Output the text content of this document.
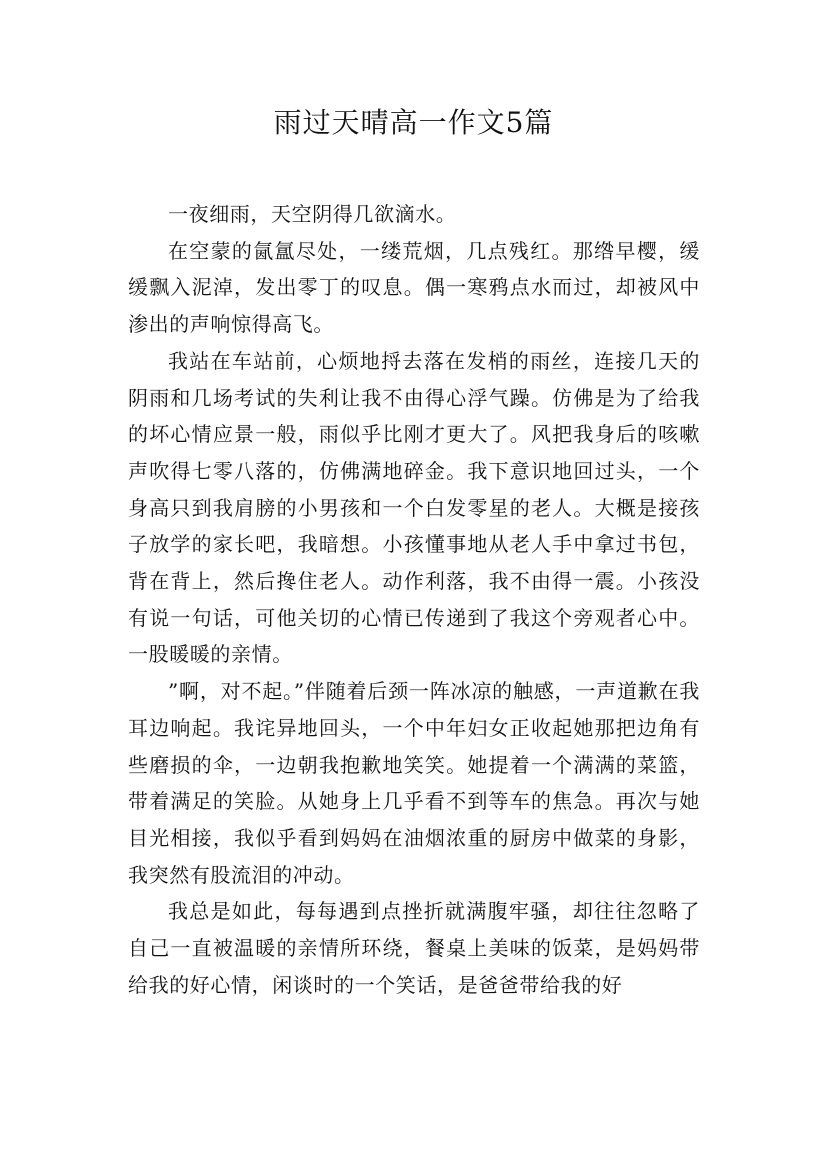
雨过天晴高一作文5篇

一夜细雨，天空阴得几欲滴水。

在空蒙的氤氲尽处，一缕荒烟，几点残红。那绺早樱，缓缓飘入泥淖，发出零丁的叹息。偶一寒鸦点水而过，却被风中渗出的声响惊得高飞。

我站在车站前，心烦地捋去落在发梢的雨丝，连接几天的阴雨和几场考试的失利让我不由得心浮气躁。仿佛是为了给我的坏心情应景一般，雨似乎比刚才更大了。风把我身后的咳嗽声吹得七零八落的，仿佛满地碎金。我下意识地回过头，一个身高只到我肩膀的小男孩和一个白发零星的老人。大概是接孩子放学的家长吧，我暗想。小孩懂事地从老人手中拿过书包，背在背上，然后搀住老人。动作利落，我不由得一震。小孩没有说一句话，可他关切的心情已传递到了我这个旁观者心中。一股暖暖的亲情。

”啊，对不起。”伴随着后颈一阵冰凉的触感，一声道歉在我耳边响起。我诧异地回头，一个中年妇女正收起她那把边角有些磨损的伞，一边朝我抱歉地笑笑。她提着一个满满的菜篮，带着满足的笑脸。从她身上几乎看不到等车的焦急。再次与她目光相接，我似乎看到妈妈在油烟浓重的厨房中做菜的身影，我突然有股流泪的冲动。

我总是如此，每每遇到点挫折就满腹牢骚，却往往忽略了自己一直被温暖的亲情所环绕，餐桌上美味的饭菜，是妈妈带给我的好心情，闲谈时的一个笑话，是爸爸带给我的好
